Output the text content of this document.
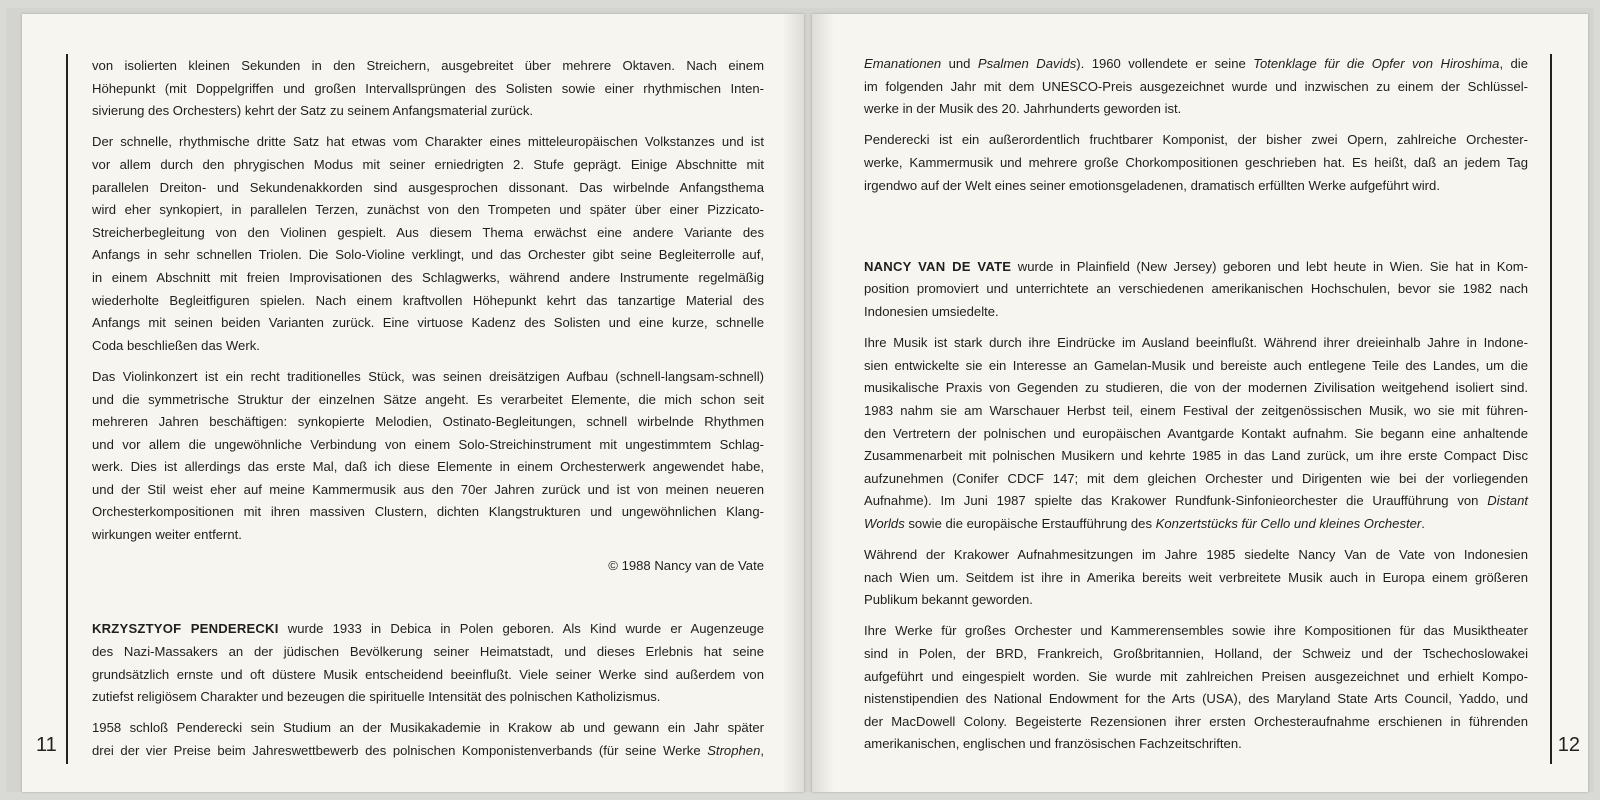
11

von isolierten kleinen Sekunden in den Streichern, ausgebreitet über mehrere Oktaven. Nach einem
Höhepunkt (mit Doppelgriffen und großen Intervallsprüngen des Solisten sowie einer rhythmischen Inten-
sivierung des Orchesters) kehrt der Satz zu seinem Anfangsmaterial zurück.

Der schnelle, rhythmische dritte Satz hat etwas vom Charakter eines mitteleuropäischen Volkstanzes und ist
vor allem durch den phrygischen Modus mit seiner erniedrigten 2. Stufe geprägt. Einige Abschnitte mit
parallelen Dreiton- und Sekundenakkorden sind ausgesprochen dissonant. Das wirbelnde Anfangsthema
wird eher synkopiert, in parallelen Terzen, zunächst von den Trompeten und später über einer Pizzicato-
Streicherbegleitung von den Violinen gespielt. Aus diesem Thema erwächst eine andere Variante des
Anfangs in sehr schnellen Triolen. Die Solo-Violine verklingt, und das Orchester gibt seine Begleiterrolle auf,
in einem Abschnitt mit freien Improvisationen des Schlagwerks, während andere Instrumente regelmäßig
wiederholte Begleitfiguren spielen. Nach einem kraftvollen Höhepunkt kehrt das tanzartige Material des
Anfangs mit seinen beiden Varianten zurück. Eine virtuose Kadenz des Solisten und eine kurze, schnelle
Coda beschließen das Werk.

Das Violinkonzert ist ein recht traditionelles Stück, was seinen dreisätzigen Aufbau (schnell-langsam-schnell)
und die symmetrische Struktur der einzelnen Sätze angeht. Es verarbeitet Elemente, die mich schon seit
mehreren Jahren beschäftigen: synkopierte Melodien, Ostinato-Begleitungen, schnell wirbelnde Rhythmen
und vor allem die ungewöhnliche Verbindung von einem Solo-Streichinstrument mit ungestimmtem Schlag-
werk. Dies ist allerdings das erste Mal, daß ich diese Elemente in einem Orchesterwerk angewendet habe,
und der Stil weist eher auf meine Kammermusik aus den 70er Jahren zurück und ist von meinen neueren
Orchesterkompositionen mit ihren massiven Clustern, dichten Klangstrukturen und ungewöhnlichen Klang-
wirkungen weiter entfernt.

© 1988 Nancy van de Vate

KRZYSZTYOF PENDERECKI wurde 1933 in Debica in Polen geboren. Als Kind wurde er Augenzeuge
des Nazi-Massakers an der jüdischen Bevölkerung seiner Heimatstadt, und dieses Erlebnis hat seine
grundsätzlich ernste und oft düstere Musik entscheidend beeinflußt. Viele seiner Werke sind außerdem von
zutiefst religiösem Charakter und bezeugen die spirituelle Intensität des polnischen Katholizismus.

1958 schloß Penderecki sein Studium an der Musikakademie in Krakow ab und gewann ein Jahr später
drei der vier Preise beim Jahreswettbewerb des polnischen Komponistenverbands (für seine Werke Strophen,	12

Emanationen und Psalmen Davids). 1960 vollendete er seine Totenklage für die Opfer von Hiroshima, die
im folgenden Jahr mit dem UNESCO-Preis ausgezeichnet wurde und inzwischen zu einem der Schlüssel-
werke in der Musik des 20. Jahrhunderts geworden ist.

Penderecki ist ein außerordentlich fruchtbarer Komponist, der bisher zwei Opern, zahlreiche Orchester-
werke, Kammermusik und mehrere große Chorkompositionen geschrieben hat. Es heißt, daß an jedem Tag
irgendwo auf der Welt eines seiner emotionsgeladenen, dramatisch erfüllten Werke aufgeführt wird.

NANCY VAN DE VATE wurde in Plainfield (New Jersey) geboren und lebt heute in Wien. Sie hat in Kom-
position promoviert und unterrichtete an verschiedenen amerikanischen Hochschulen, bevor sie 1982 nach
Indonesien umsiedelte.

Ihre Musik ist stark durch ihre Eindrücke im Ausland beeinflußt. Während ihrer dreieinhalb Jahre in Indone-
sien entwickelte sie ein Interesse an Gamelan-Musik und bereiste auch entlegene Teile des Landes, um die
musikalische Praxis von Gegenden zu studieren, die von der modernen Zivilisation weitgehend isoliert sind.
1983 nahm sie am Warschauer Herbst teil, einem Festival der zeitgenössischen Musik, wo sie mit führen-
den Vertretern der polnischen und europäischen Avantgarde Kontakt aufnahm. Sie begann eine anhaltende
Zusammenarbeit mit polnischen Musikern und kehrte 1985 in das Land zurück, um ihre erste Compact Disc
aufzunehmen (Conifer CDCF 147; mit dem gleichen Orchester und Dirigenten wie bei der vorliegenden
Aufnahme). Im Juni 1987 spielte das Krakower Rundfunk-Sinfonieorchester die Uraufführung von Distant
Worlds sowie die europäische Erstaufführung des Konzertstücks für Cello und kleines Orchester.

Während der Krakower Aufnahmesitzungen im Jahre 1985 siedelte Nancy Van de Vate von Indonesien
nach Wien um. Seitdem ist ihre in Amerika bereits weit verbreitete Musik auch in Europa einem größeren
Publikum bekannt geworden.

Ihre Werke für großes Orchester und Kammerensembles sowie ihre Kompositionen für das Musiktheater
sind in Polen, der BRD, Frankreich, Großbritannien, Holland, der Schweiz und der Tschechoslowakei
aufgeführt und eingespielt worden. Sie wurde mit zahlreichen Preisen ausgezeichnet und erhielt Kompo-
nistenstipendien des National Endowment for the Arts (USA), des Maryland State Arts Council, Yaddo, und
der MacDowell Colony. Begeisterte Rezensionen ihrer ersten Orchesteraufnahme erschienen in führenden
amerikanischen, englischen und französischen Fachzeitschriften.
